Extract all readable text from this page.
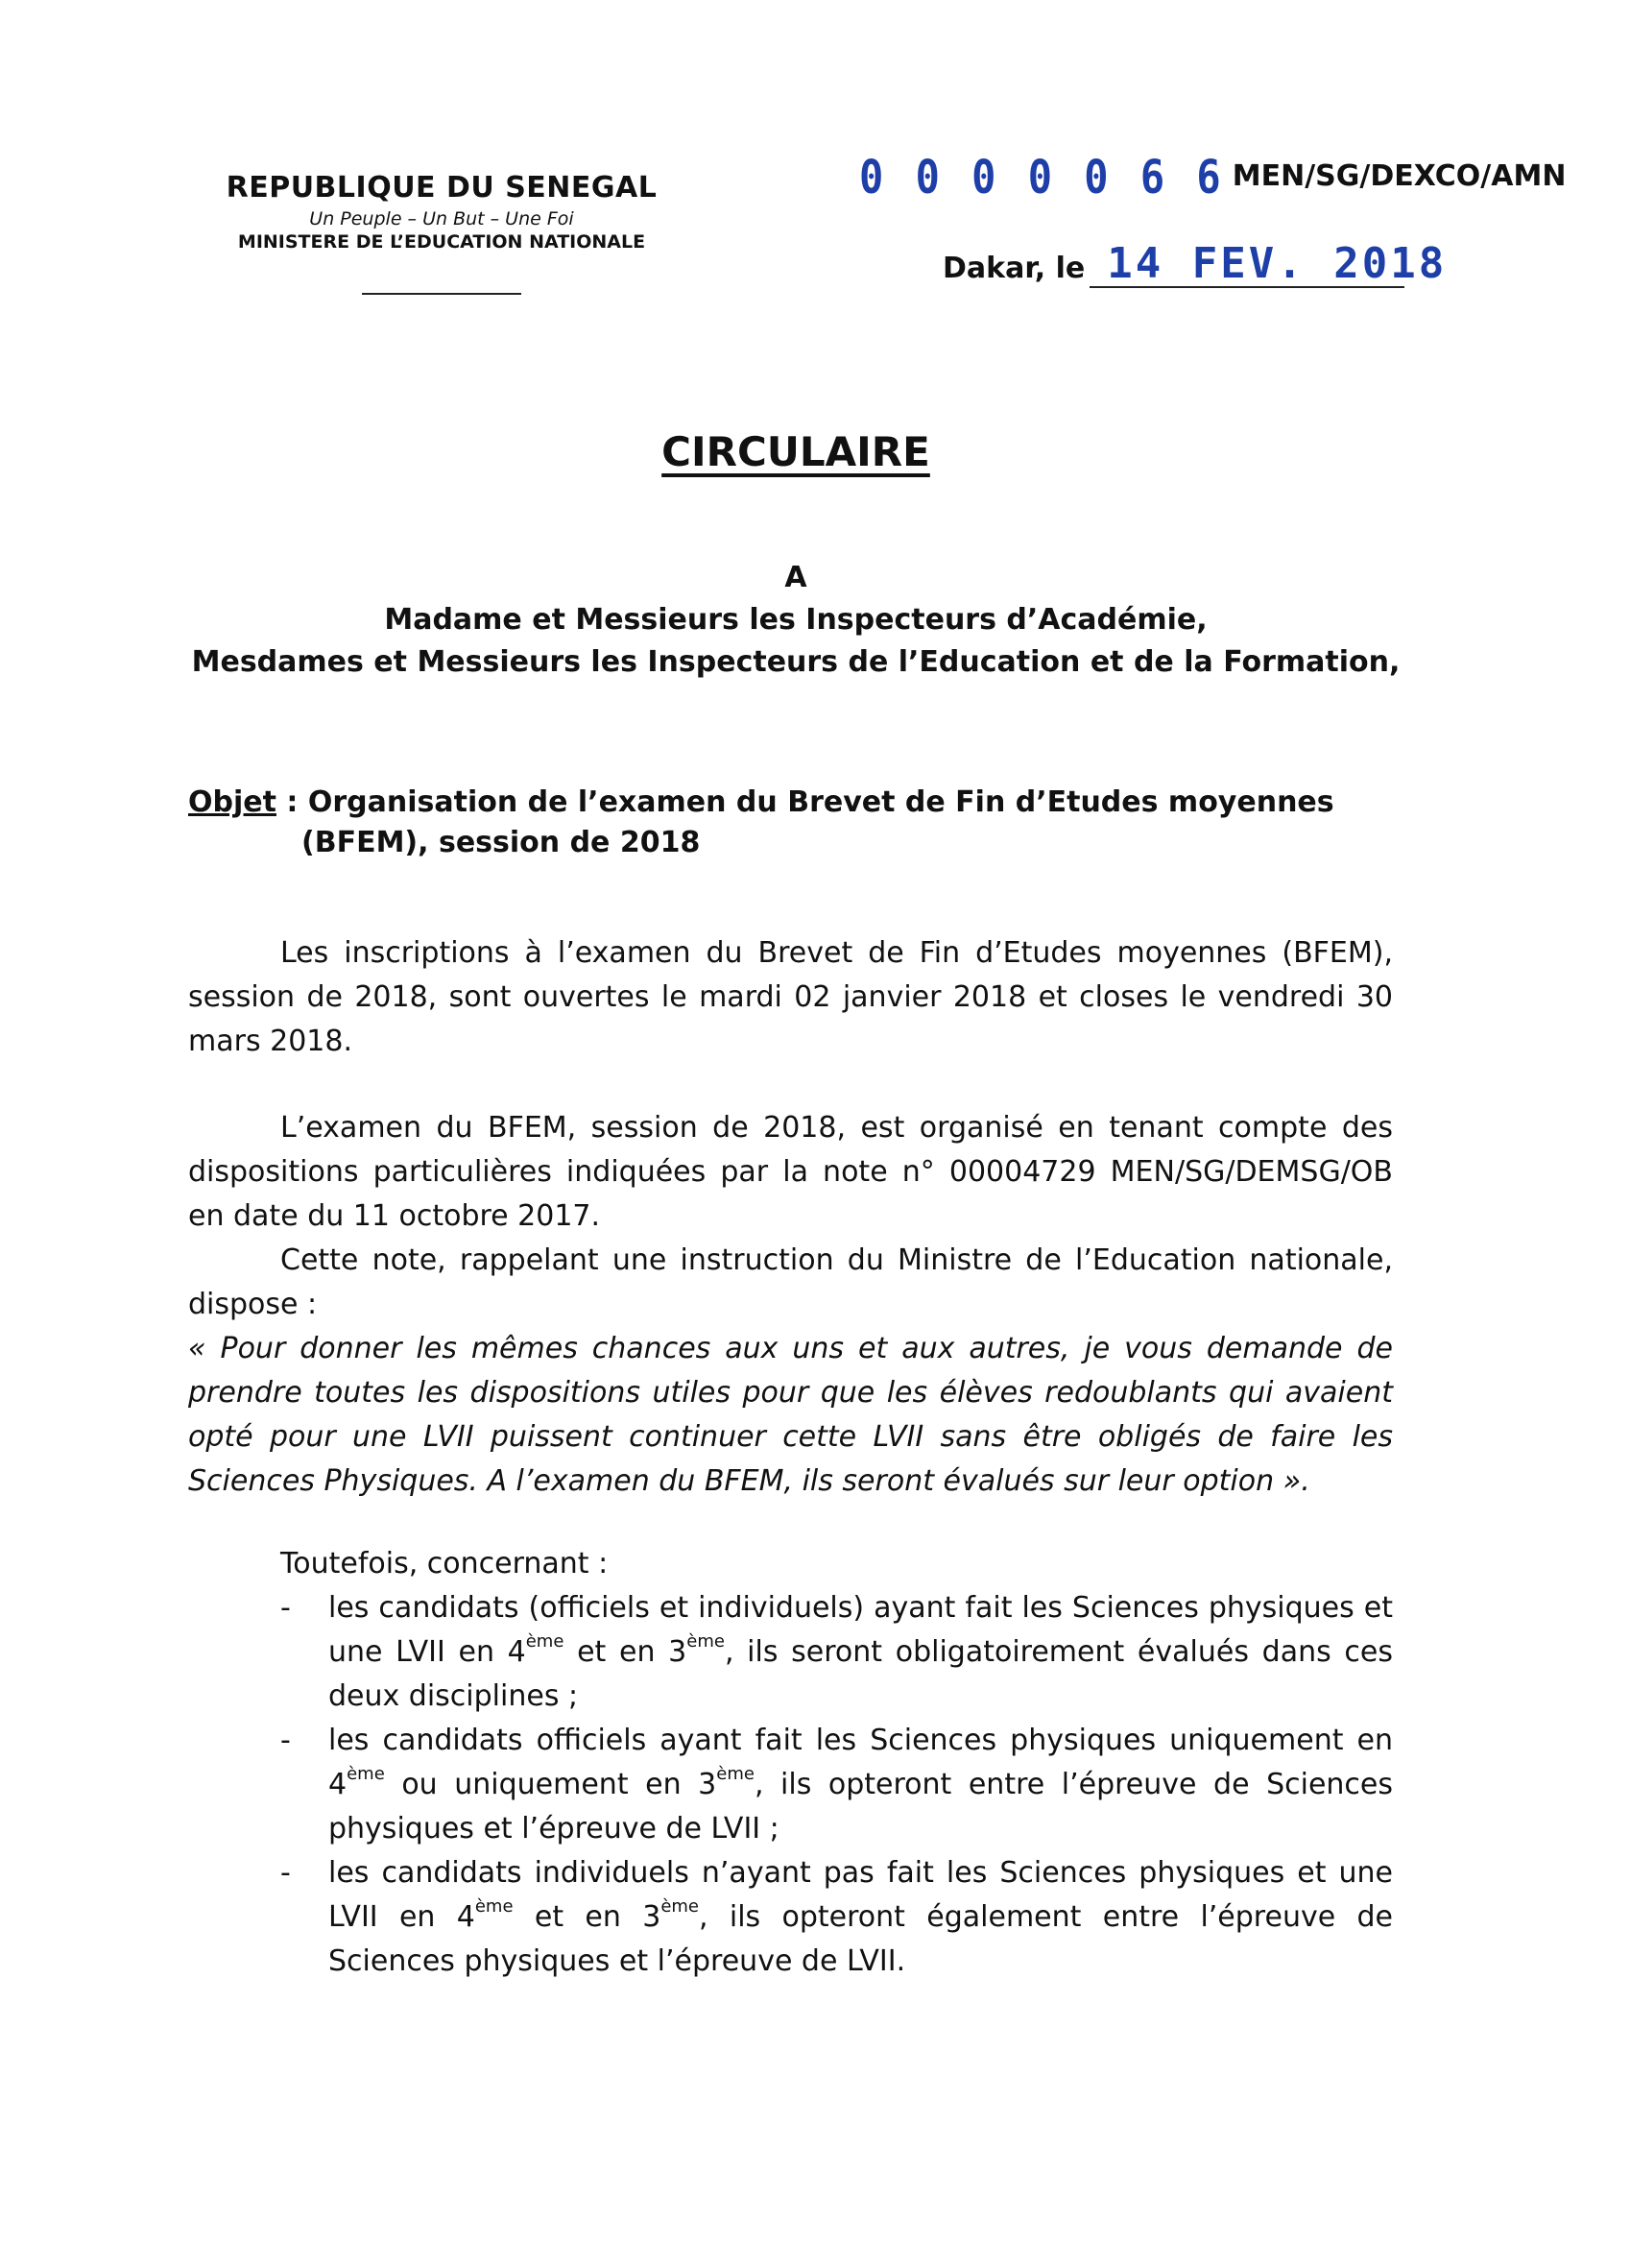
REPUBLIQUE DU SENEGAL
Un Peuple – Un But – Une Foi
MINISTERE DE L’EDUCATION NATIONALE
0 0 0 0 0 6 6 MEN/SG/DEXCO/AMN
Dakar, le 14 FEV. 2018
CIRCULAIRE
A
Madame et Messieurs les Inspecteurs d’Académie,
Mesdames et Messieurs les Inspecteurs de l’Education et de la Formation,
Objet : Organisation de l’examen du Brevet de Fin d’Etudes moyennes
(BFEM), session de 2018
Les inscriptions à l’examen du Brevet de Fin d’Etudes moyennes (BFEM), session de 2018, sont ouvertes le mardi 02 janvier 2018 et closes le vendredi 30 mars 2018.
L’examen du BFEM, session de 2018, est organisé en tenant compte des dispositions particulières indiquées par la note n° 00004729 MEN/SG/DEMSG/OB en date du 11 octobre 2017.
Cette note, rappelant une instruction du Ministre de l’Education nationale, dispose :
« Pour donner les mêmes chances aux uns et aux autres, je vous demande de prendre toutes les dispositions utiles pour que les élèves redoublants qui avaient opté pour une LVII puissent continuer cette LVII sans être obligés de faire les Sciences Physiques. A l’examen du BFEM, ils seront évalués sur leur option ».
Toutefois, concernant :
- les candidats (officiels et individuels) ayant fait les Sciences physiques et une LVII en 4ème et en 3ème, ils seront obligatoirement évalués dans ces deux disciplines ;
- les candidats officiels ayant fait les Sciences physiques uniquement en 4ème ou uniquement en 3ème, ils opteront entre l’épreuve de Sciences physiques et l’épreuve de LVII ;
- les candidats individuels n’ayant pas fait les Sciences physiques et une LVII en 4ème et en 3ème, ils opteront également entre l’épreuve de Sciences physiques et l’épreuve de LVII.
